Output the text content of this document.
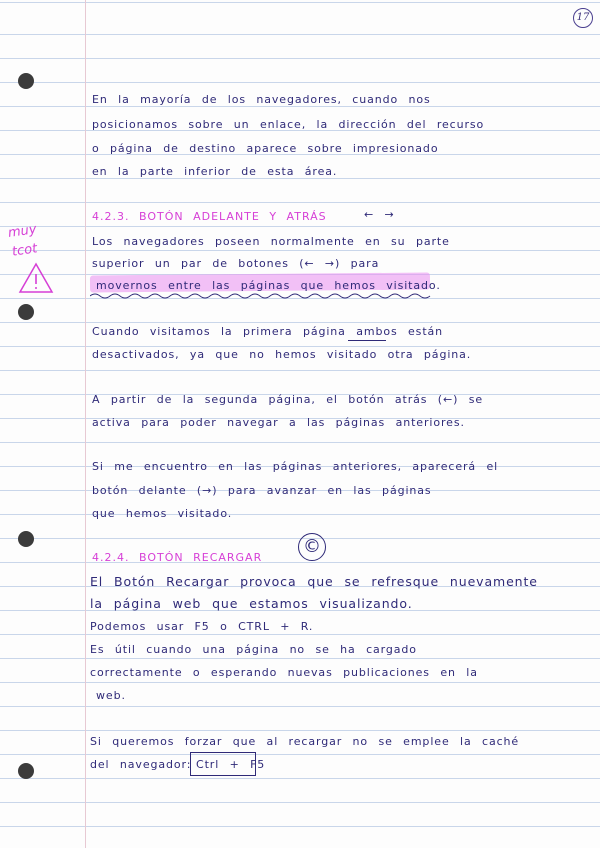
17
muy
tcot
En la mayoría de los navegadores, cuando nos
posicionamos sobre un enlace, la dirección del recurso
o página de destino aparece sobre impresionado
en la parte inferior de esta área.
4.2.3. BOTÓN ADELANTE Y ATRÁS	← →
Los navegadores poseen normalmente en su parte
superior un par de botones (← →) para
movernos entre las páginas que hemos visitado.
Cuando visitamos la primera página ambos están
desactivados, ya que no hemos visitado otra página.
A partir de la segunda página, el botón atrás (←) se
activa para poder navegar a las páginas anteriores.
Si me encuentro en las páginas anteriores, aparecerá el
botón delante (→) para avanzar en las páginas
que hemos visitado.
4.2.4. BOTÓN RECARGAR
©
El Botón Recargar provoca que se refresque nuevamente
la página web que estamos visualizando.
Podemos usar F5 o CTRL + R.
Es útil cuando una página no se ha cargado
correctamente o esperando nuevas publicaciones en la
web.
Si queremos forzar que al recargar no se emplee la caché
del navegador: Ctrl + F5
